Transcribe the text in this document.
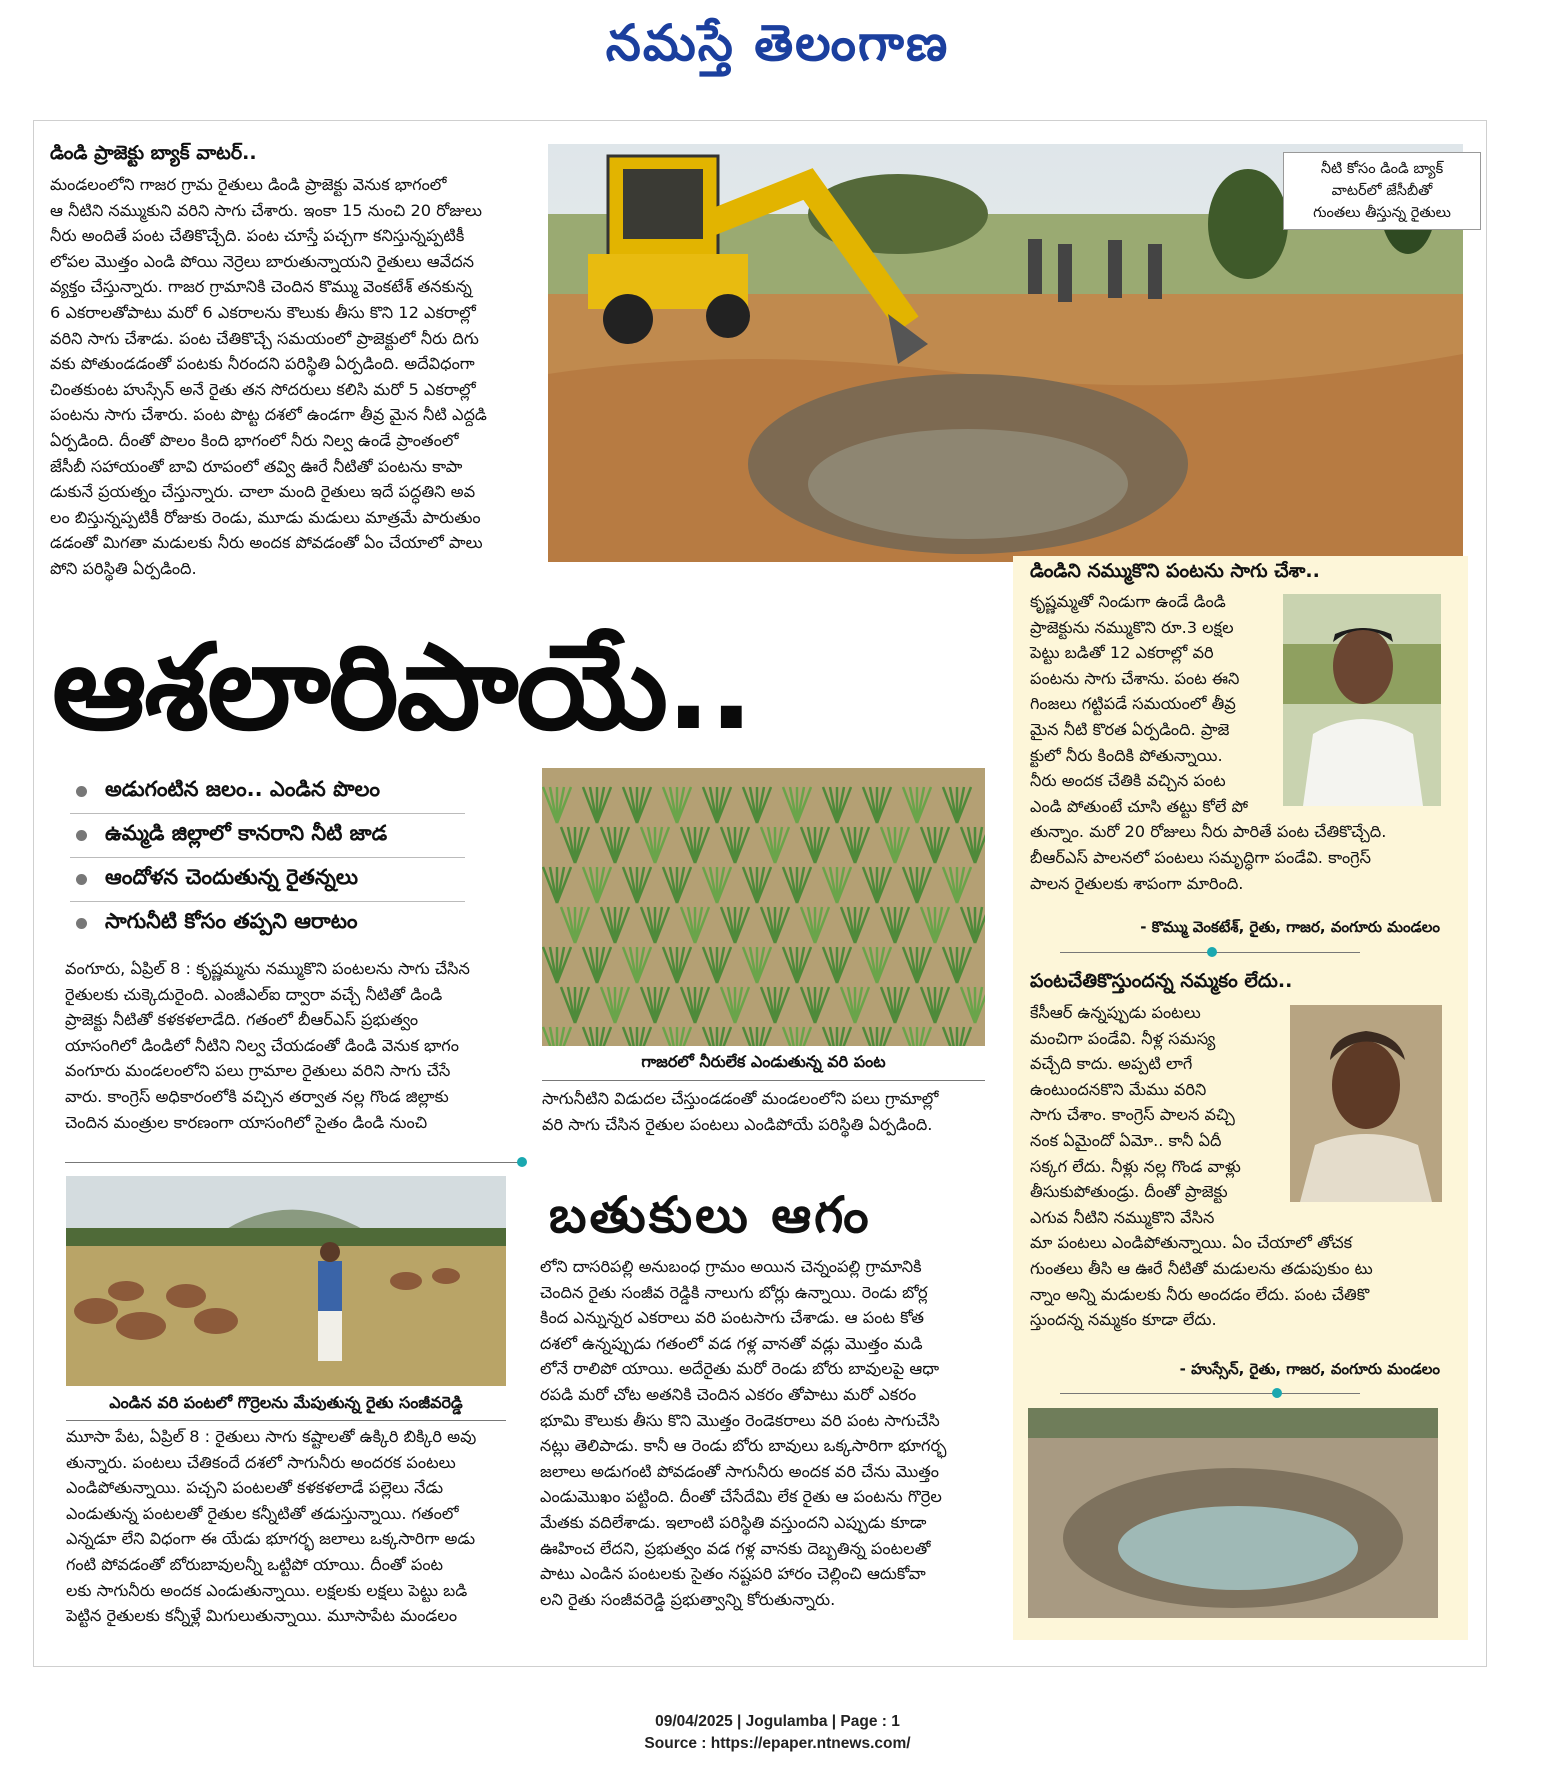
నమస్తే తెలంగాణ
డిండి ప్రాజెక్టు బ్యాక్ వాటర్..
మండలంలోని గాజర గ్రామ రైతులు డిండి ప్రాజెక్టు వెనుక భాగంలో
ఆ నీటిని నమ్ముకుని వరిని సాగు చేశారు. ఇంకా 15 నుంచి 20 రోజులు
నీరు అందితే పంట చేతికొచ్చేది. పంట చూస్తే పచ్చగా కనిస్తున్నప్పటికీ
లోపల మొత్తం ఎండి పోయి నెర్రెలు బారుతున్నాయని రైతులు ఆవేదన
వ్యక్తం చేస్తున్నారు. గాజర గ్రామానికి చెందిన కొమ్ము వెంకటేశ్ తనకున్న
6 ఎకరాలతోపాటు మరో 6 ఎకరాలను కౌలుకు తీసు కొని 12 ఎకరాల్లో
వరిని సాగు చేశాడు. పంట చేతికొచ్చే సమయంలో ప్రాజెక్టులో నీరు దిగు
వకు పోతుండడంతో పంటకు నీరందని పరిస్థితి ఏర్పడింది. అదేవిధంగా
చింతకుంట హుస్సేన్ అనే రైతు తన సోదరులు కలిసి మరో 5 ఎకరాల్లో
పంటను సాగు చేశారు. పంట పొట్ట దశలో ఉండగా తీవ్ర మైన నీటి ఎద్దడి
ఏర్పడింది. దీంతో పొలం కింది భాగంలో నీరు నిల్వ ఉండే ప్రాంతంలో
జేసీబీ సహాయంతో బావి రూపంలో తవ్వి ఊరే నీటితో పంటను కాపా
డుకునే ప్రయత్నం చేస్తున్నారు. చాలా మంది రైతులు ఇదే పద్ధతిని అవ
లం బిస్తున్నప్పటికీ రోజుకు రెండు, మూడు మడులు మాత్రమే పారుతుం
డడంతో మిగతా మడులకు నీరు అందక పోవడంతో ఏం చేయాలో పాలు
పోని పరిస్థితి ఏర్పడింది.
నీటి కోసం డిండి బ్యాక్
వాటర్‌లో జేసీబీతో
గుంతలు తీస్తున్న రైతులు
ఆశలారిపాయే..
అడుగంటిన జలం.. ఎండిన పొలం
ఉమ్మడి జిల్లాలో కానరాని నీటి జాడ
ఆందోళన చెందుతున్న రైతన్నలు
సాగునీటి కోసం తప్పని ఆరాటం
వంగూరు, ఏప్రిల్ 8 : కృష్ణమ్మను నమ్ముకొని పంటలను సాగు చేసిన
రైతులకు చుక్కెదురైంది. ఎంజీఎల్‌ఐ ద్వారా వచ్చే నీటితో డిండి
ప్రాజెక్టు నీటితో కళకళలాడేది. గతంలో బీఆర్‌ఎస్ ప్రభుత్వం
యాసంగిలో డిండిలో నీటిని నిల్వ చేయడంతో డిండి వెనుక భాగం
వంగూరు మండలంలోని పలు గ్రామాల రైతులు వరిని సాగు చేసే
వారు. కాంగ్రెస్ అధికారంలోకి వచ్చిన తర్వాత నల్ల గొండ జిల్లాకు
చెందిన మంత్రుల కారణంగా యాసంగిలో సైతం డిండి నుంచి
గాజరలో నీరులేక ఎండుతున్న వరి పంట
సాగునీటిని విడుదల చేస్తుండడంతో మండలంలోని పలు గ్రామాల్లో
వరి సాగు చేసిన రైతుల పంటలు ఎండిపోయే పరిస్థితి ఏర్పడింది.
ఎండిన వరి పంటలో గొర్రెలను మేపుతున్న రైతు సంజీవరెడ్డి
మూసా పేట, ఏప్రిల్ 8 : రైతులు సాగు కష్టాలతో ఉక్కిరి బిక్కిరి అవు
తున్నారు. పంటలు చేతికందే దశలో సాగునీరు అందరక పంటలు
ఎండిపోతున్నాయి. పచ్చని పంటలతో కళకళలాడే పల్లెలు నేడు
ఎండుతున్న పంటలతో రైతుల కన్నీటితో తడుస్తున్నాయి. గతంలో
ఎన్నడూ లేని విధంగా ఈ యేడు భూగర్భ జలాలు ఒక్కసారిగా అడు
గంటి పోవడంతో బోరుబావులన్నీ ఒట్టిపో యాయి. దీంతో పంట
లకు సాగునీరు అందక ఎండుతున్నాయి. లక్షలకు లక్షలు పెట్టు బడి
పెట్టిన రైతులకు కన్నీళ్లే మిగులుతున్నాయి. మూసాపేట మండలం
బతుకులు ఆగం
లోని దాసరిపల్లి అనుబంధ గ్రామం అయిన చెన్నంపల్లి గ్రామానికి
చెందిన రైతు సంజీవ రెడ్డికి నాలుగు బోర్లు ఉన్నాయి. రెండు బోర్ల
కింద ఎన్నున్నర ఎకరాలు వరి పంటసాగు చేశాడు. ఆ పంట కోత
దశలో ఉన్నప్పుడు గతంలో వడ గళ్ల వానతో వడ్లు మొత్తం మడి
లోనే రాలిపో యాయి. అదేరైతు మరో రెండు బోరు బావులపై ఆధా
రపడి మరో చోట అతనికి చెందిన ఎకరం తోపాటు మరో ఎకరం
భూమి కౌలుకు తీసు కొని మొత్తం రెండెకరాలు వరి పంట సాగుచేసి
నట్లు తెలిపాడు. కానీ ఆ రెండు బోరు బావులు ఒక్కసారిగా భూగర్భ
జలాలు అడుగంటి పోవడంతో సాగునీరు అందక వరి చేను మొత్తం
ఎండుమొఖం పట్టింది. దీంతో చేసేదేమి లేక రైతు ఆ పంటను గొర్రెల
మేతకు వదిలేశాడు. ఇలాంటి పరిస్థితి వస్తుందని ఎప్పుడు కూడా
ఊహించ లేదని, ప్రభుత్వం వడ గళ్ల వానకు దెబ్బతిన్న పంటలతో
పాటు ఎండిన పంటలకు సైతం నష్టపరి హారం చెల్లించి ఆదుకోవా
లని రైతు సంజీవరెడ్డి ప్రభుత్వాన్ని కోరుతున్నారు.
డిండిని నమ్ముకొని పంటను సాగు చేశా..
కృష్ణమ్మతో నిండుగా ఉండే డిండి
ప్రాజెక్టును నమ్ముకొని రూ.3 లక్షల
పెట్టు బడితో 12 ఎకరాల్లో వరి
పంటను సాగు చేశాను. పంట ఈని
గింజలు గట్టిపడే సమయంలో తీవ్ర
మైన నీటి కొరత ఏర్పడింది. ప్రాజె
క్టులో నీరు కిందికి పోతున్నాయి.
నీరు అందక చేతికి వచ్చిన పంట
ఎండి పోతుంటే చూసి తట్టు కోలే పో
తున్నాం. మరో 20 రోజులు నీరు పారితే పంట చేతికొచ్చేది.
బీఆర్‌ఎస్ పాలనలో పంటలు సమృద్ధిగా పండేవి. కాంగ్రెస్
పాలన రైతులకు శాపంగా మారింది.
- కొమ్ము వెంకటేశ్, రైతు, గాజర, వంగూరు మండలం
పంటచేతికొస్తుందన్న నమ్మకం లేదు..
కేసీఆర్ ఉన్నప్పుడు పంటలు
మంచిగా పండేవి. నీళ్ల సమస్య
వచ్చేది కాదు. అప్పటి లాగే
ఉంటుందనకొని మేము వరిని
సాగు చేశాం. కాంగ్రెస్ పాలన వచ్చి
నంక ఏమైందో ఏమో.. కానీ ఏదీ
సక్కగ లేదు. నీళ్లు నల్ల గొండ వాళ్లు
తీసుకుపోతుండ్రు. దీంతో ప్రాజెక్టు
ఎగువ నీటిని నమ్ముకొని వేసిన
మా పంటలు ఎండిపోతున్నాయి. ఏం చేయాలో తోచక
గుంతలు తీసి ఆ ఊరే నీటితో మడులను తడుపుకుం టు
న్నాం అన్ని మడులకు నీరు అందడం లేదు. పంట చేతికొ
స్తుందన్న నమ్మకం కూడా లేదు.
- హుస్సేన్, రైతు, గాజర, వంగూరు మండలం
09/04/2025 | Jogulamba | Page : 1
Source : https://epaper.ntnews.com/
